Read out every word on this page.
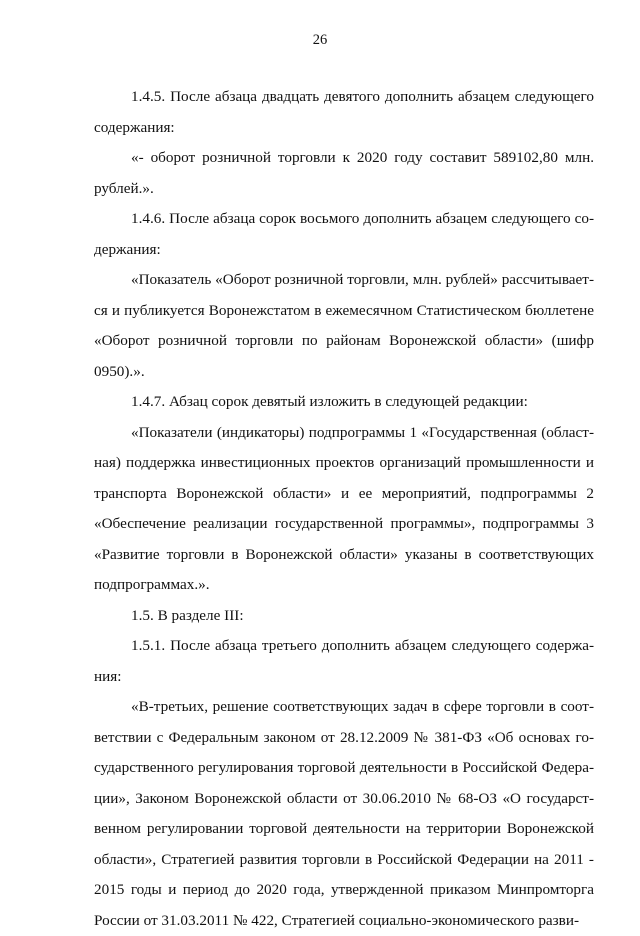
26

1.4.5. После абзаца двадцать девятого дополнить абзацем следующего содержания:

«- оборот розничной торговли к 2020 году составит 589102,80 млн. рублей.».

1.4.6. После абзаца сорок восьмого дополнить абзацем следующего содержания:

«Показатель «Оборот розничной торговли, млн. рублей» рассчитывается и публикуется Воронежстатом в ежемесячном Статистическом бюллетене «Оборот розничной торговли по районам Воронежской области» (шифр 0950).».

1.4.7. Абзац сорок девятый изложить в следующей редакции:

«Показатели (индикаторы) подпрограммы 1 «Государственная (областная) поддержка инвестиционных проектов организаций промышленности и транспорта Воронежской области» и ее мероприятий, подпрограммы 2 «Обеспечение реализации государственной программы», подпрограммы 3 «Развитие торговли в Воронежской области» указаны в соответствующих подпрограммах.».

1.5. В разделе III:

1.5.1. После абзаца третьего дополнить абзацем следующего содержания:

«В-третьих, решение соответствующих задач в сфере торговли в соответствии с Федеральным законом от 28.12.2009 № 381-ФЗ «Об основах государственного регулирования торговой деятельности в Российской Федерации», Законом Воронежской области от 30.06.2010 № 68-ОЗ «О государственном регулировании торговой деятельности на территории Воронежской области», Стратегией развития торговли в Российской Федерации на 2011 - 2015 годы и период до 2020 года, утвержденной приказом Минпромторга России от 31.03.2011 № 422, Стратегией социально-экономического разви-
